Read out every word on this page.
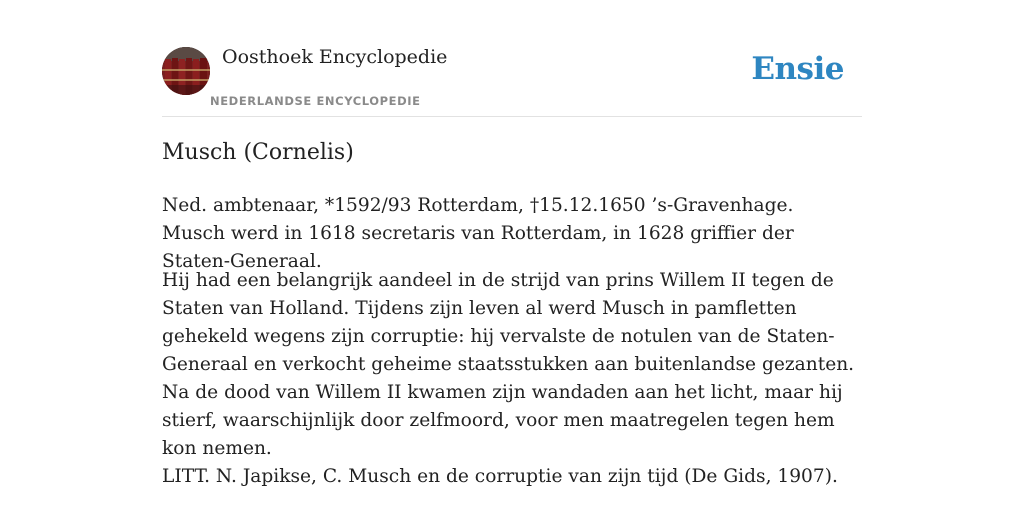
Oosthoek Encyclopedie
NEDERLANDSE ENCYCLOPEDIE
Ensie
Musch (Cornelis)

Ned. ambtenaar, *1592/93 Rotterdam, †15.12.1650 ’s-Gravenhage. Musch werd in 1618 secretaris van Rotterdam, in 1628 griffier der Staten-Generaal.

Hij had een belangrijk aandeel in de strijd van prins Willem II tegen de Staten van Holland. Tijdens zijn leven al werd Musch in pamfletten gehekeld wegens zijn corruptie: hij vervalste de notulen van de Staten-Generaal en verkocht geheime staatsstukken aan buitenlandse gezanten. Na de dood van Willem II kwamen zijn wandaden aan het licht, maar hij stierf, waarschijnlijk door zelfmoord, voor men maatregelen tegen hem kon nemen.

LITT. N. Japikse, C. Musch en de corruptie van zijn tijd (De Gids, 1907).
